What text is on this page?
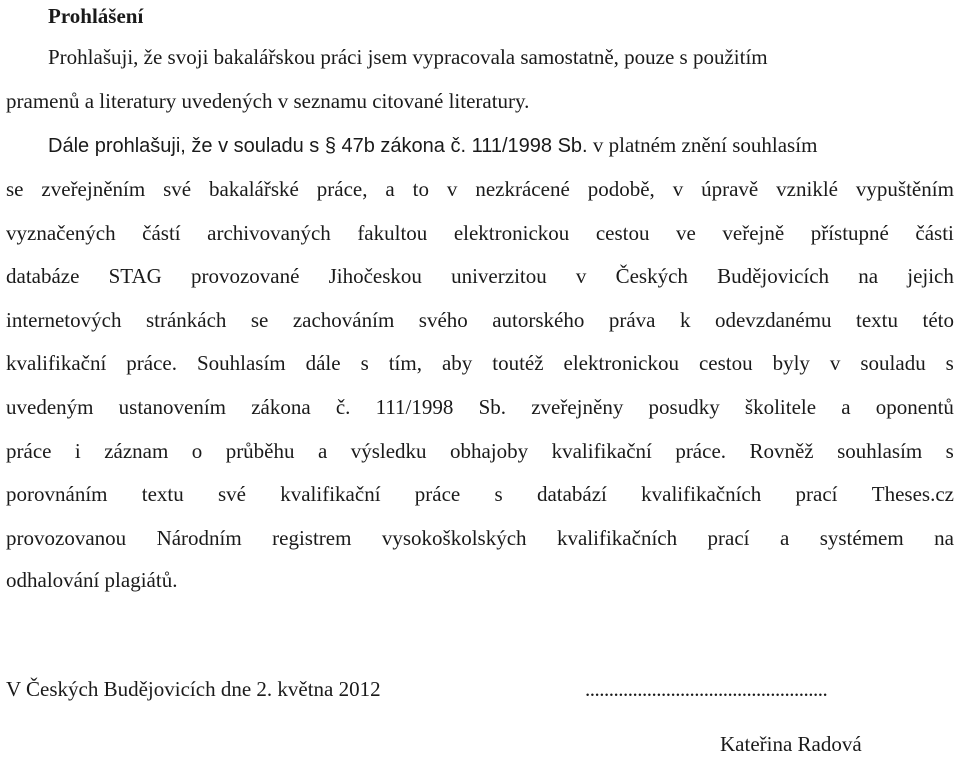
Prohlášení
Prohlašuji, že svoji bakalářskou práci jsem vypracovala samostatně, pouze s použitím
pramenů a literatury uvedených v seznamu citované literatury.
Dále prohlašuji, že v souladu s § 47b zákona č. 111/1998 Sb. v platném znění souhlasím
se zveřejněním své bakalářské práce, a to v nezkrácené podobě, v úpravě vzniklé vypuštěním
vyznačených částí archivovaných fakultou elektronickou cestou ve veřejně přístupné části
databáze STAG provozované Jihočeskou univerzitou v Českých Budějovicích na jejich
internetových stránkách se zachováním svého autorského práva k odevzdanému textu této
kvalifikační práce. Souhlasím dále s tím, aby toutéž elektronickou cestou byly v souladu s
uvedeným ustanovením zákona č. 111/1998 Sb. zveřejněny posudky školitele a oponentů
práce i záznam o průběhu a výsledku obhajoby kvalifikační práce. Rovněž souhlasím s
porovnáním textu své kvalifikační práce s databází kvalifikačních prací Theses.cz
provozovanou Národním registrem vysokoškolských kvalifikačních prací a systémem na
odhalování plagiátů.
V Českých Budějovicích dne 2. května 2012	...................................................
Kateřina Radová
